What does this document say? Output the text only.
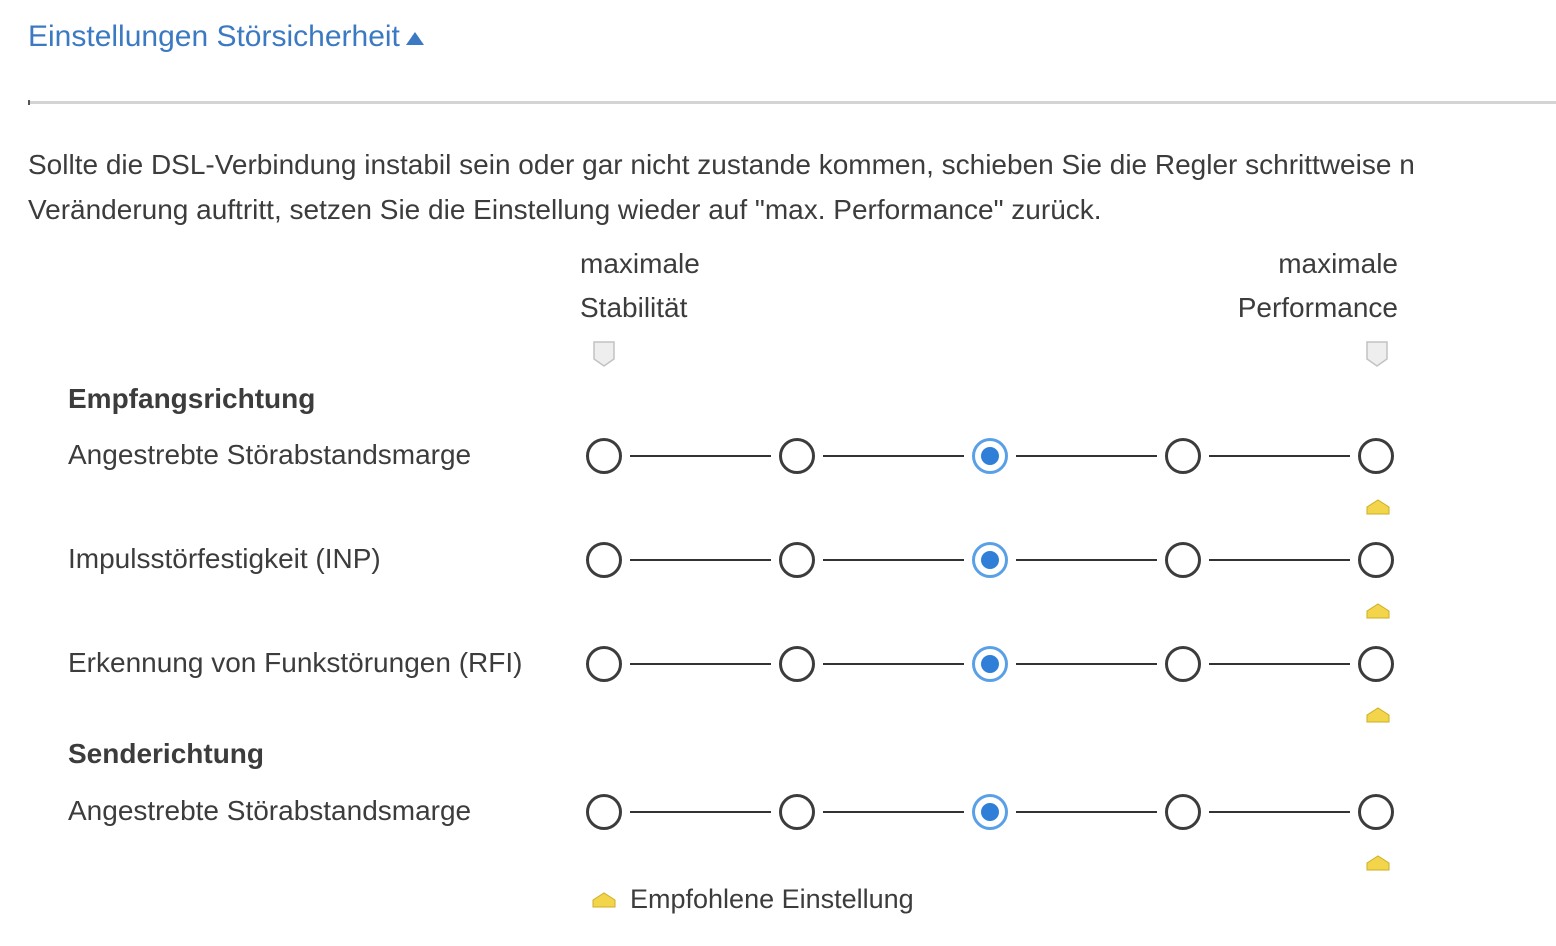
Einstellungen Störsicherheit

Sollte die DSL-Verbindung instabil sein oder gar nicht zustande kommen, schieben Sie die Regler schrittweise n

Veränderung auftritt, setzen Sie die Einstellung wieder auf "max. Performance" zurück.

maximale
Stabilität
maximale
Performance
Empfangsrichtung
Angestrebte Störabstandsmarge
Impulsstörfestigkeit (INP)
Erkennung von Funkstörungen (RFI)
Senderichtung
Angestrebte Störabstandsmarge
Empfohlene Einstellung
